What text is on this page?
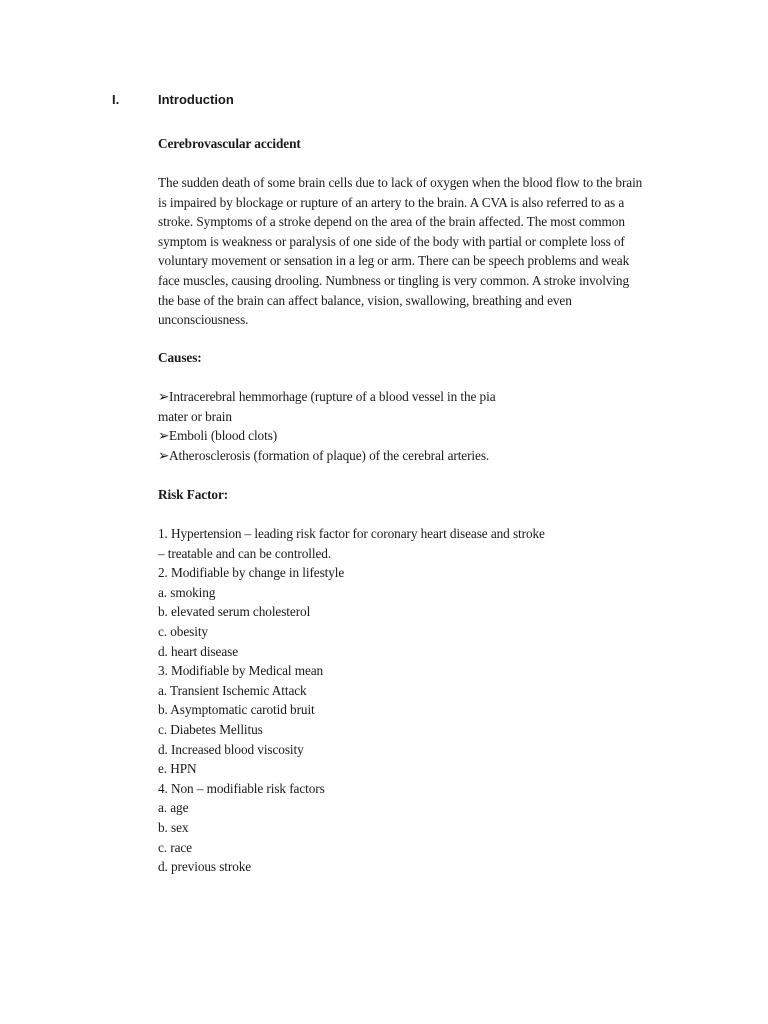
I.	Introduction
Cerebrovascular accident
The sudden death of some brain cells due to lack of oxygen when the blood flow to the brain
is impaired by blockage or rupture of an artery to the brain. A CVA is also referred to as a
stroke. Symptoms of a stroke depend on the area of the brain affected. The most common
symptom is weakness or paralysis of one side of the body with partial or complete loss of
voluntary movement or sensation in a leg or arm. There can be speech problems and weak
face muscles, causing drooling. Numbness or tingling is very common. A stroke involving
the base of the brain can affect balance, vision, swallowing, breathing and even
unconsciousness.
Causes:
➢Intracerebral hemmorhage (rupture of a blood vessel in the pia
mater or brain
➢Emboli (blood clots)
➢Atherosclerosis (formation of plaque) of the cerebral arteries.
Risk Factor:
1. Hypertension – leading risk factor for coronary heart disease and stroke
– treatable and can be controlled.
2. Modifiable by change in lifestyle
a. smoking
b. elevated serum cholesterol
c. obesity
d. heart disease
3. Modifiable by Medical mean
a. Transient Ischemic Attack
b. Asymptomatic carotid bruit
c. Diabetes Mellitus
d. Increased blood viscosity
e. HPN
4. Non – modifiable risk factors
a. age
b. sex
c. race
d. previous stroke
